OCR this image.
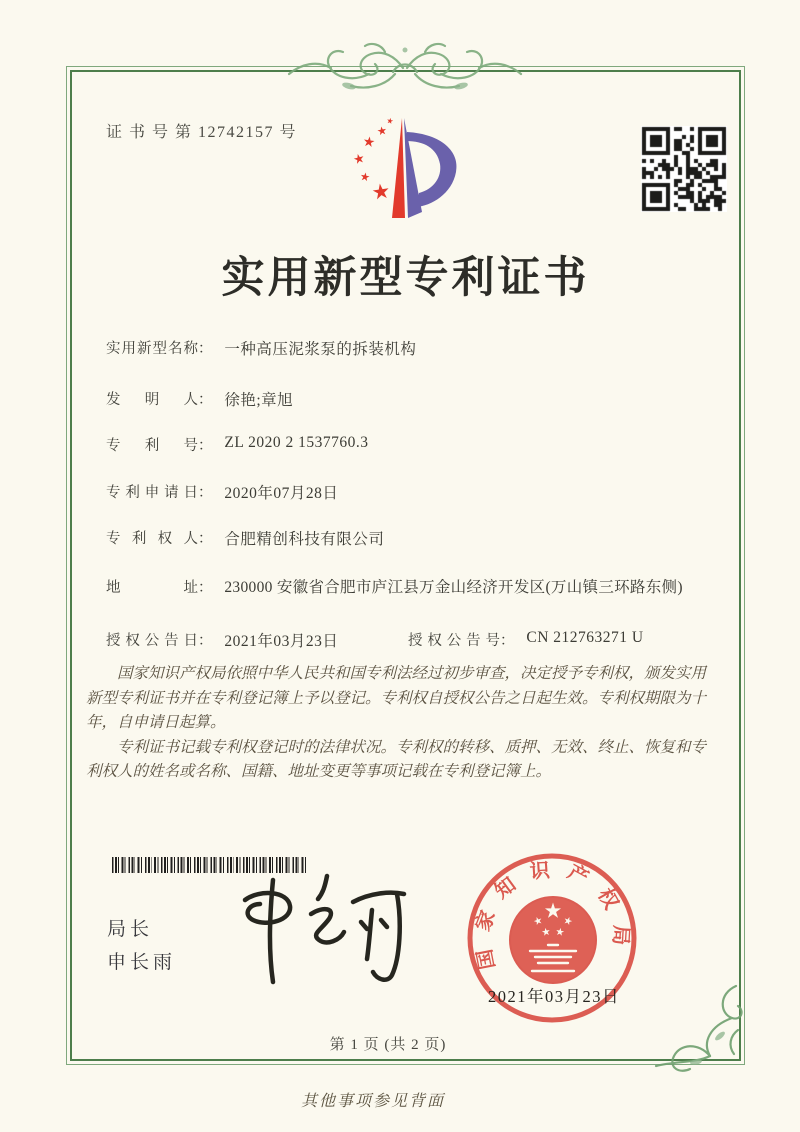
证 书 号 第 12742157 号
实用新型专利证书
实用新型名称： 一种高压泥浆泵的拆装机构
发明人： 徐艳;章旭
专利号： ZL 2020 2 1537760.3
专利申请日： 2020年07月28日
专利权人： 合肥精创科技有限公司
地址： 230000 安徽省合肥市庐江县万金山经济开发区(万山镇三环路东侧)
授权公告日： 2021年03月23日	授权公告号： CN 212763271 U

国家知识产权局依照中华人民共和国专利法经过初步审查，决定授予专利权，颁发实用新型专利证书并在专利登记簿上予以登记。专利权自授权公告之日起生效。专利权期限为十年，自申请日起算。

专利证书记载专利权登记时的法律状况。专利权的转移、质押、无效、终止、恢复和专利权人的姓名或名称、国籍、地址变更等事项记载在专利登记簿上。

局长
申长雨	国家知识产权局
2021年03月23日
第 1 页 (共 2 页)
其他事项参见背面
